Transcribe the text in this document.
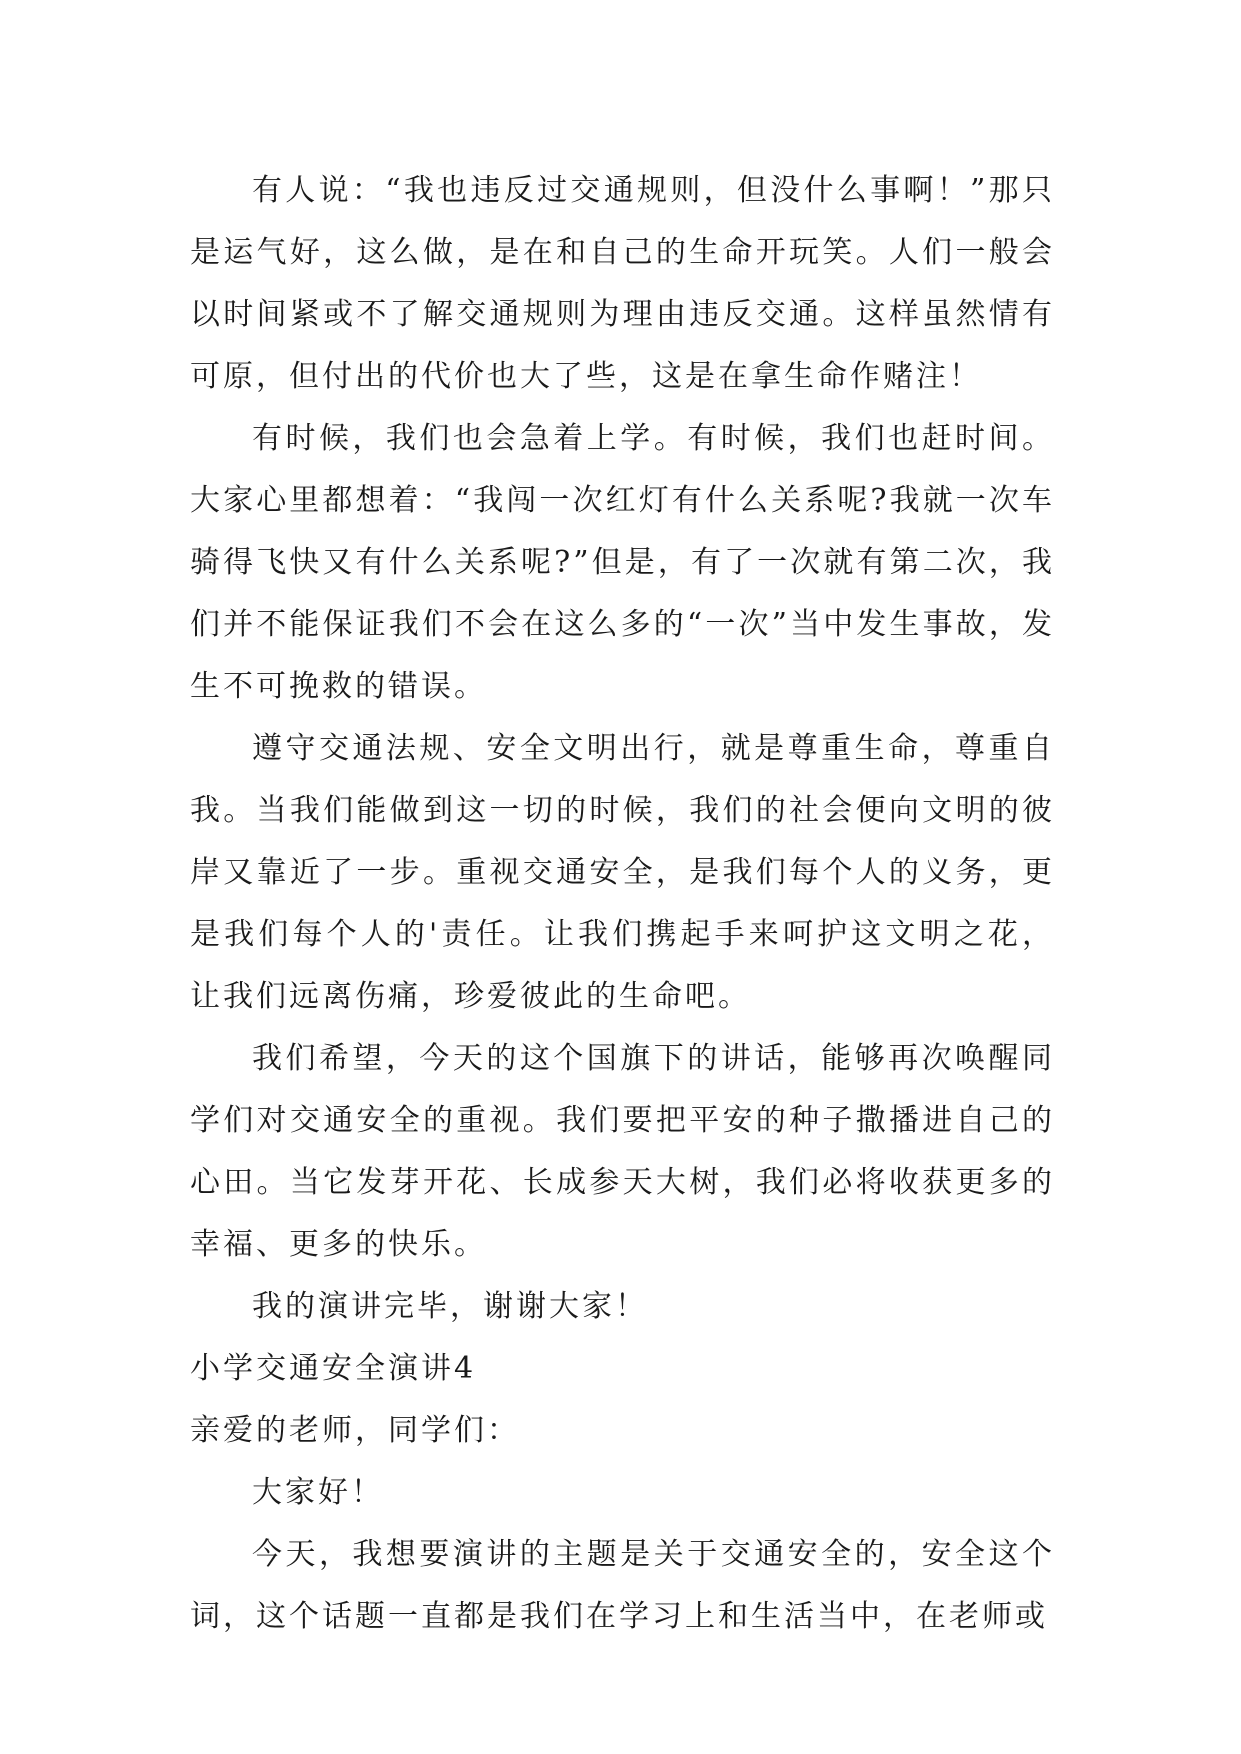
有人说：“我也违反过交通规则，但没什么事啊！”那只是运气好，这么做，是在和自己的生命开玩笑。人们一般会以时间紧或不了解交通规则为理由违反交通。这样虽然情有可原，但付出的代价也大了些，这是在拿生命作赌注！

有时候，我们也会急着上学。有时候，我们也赶时间。大家心里都想着：“我闯一次红灯有什么关系呢?我就一次车骑得飞快又有什么关系呢?”但是，有了一次就有第二次，我们并不能保证我们不会在这么多的“一次”当中发生事故，发生不可挽救的错误。

遵守交通法规、安全文明出行，就是尊重生命，尊重自我。当我们能做到这一切的时候，我们的社会便向文明的彼岸又靠近了一步。重视交通安全，是我们每个人的义务，更是我们每个人的'责任。让我们携起手来呵护这文明之花，让我们远离伤痛，珍爱彼此的生命吧。

我们希望，今天的这个国旗下的讲话，能够再次唤醒同学们对交通安全的重视。我们要把平安的种子撒播进自己的心田。当它发芽开花、长成参天大树，我们必将收获更多的幸福、更多的快乐。

我的演讲完毕，谢谢大家！

小学交通安全演讲4

亲爱的老师，同学们：

大家好！

今天，我想要演讲的主题是关于交通安全的，安全这个词，这个话题一直都是我们在学习上和生活当中，在老师或
